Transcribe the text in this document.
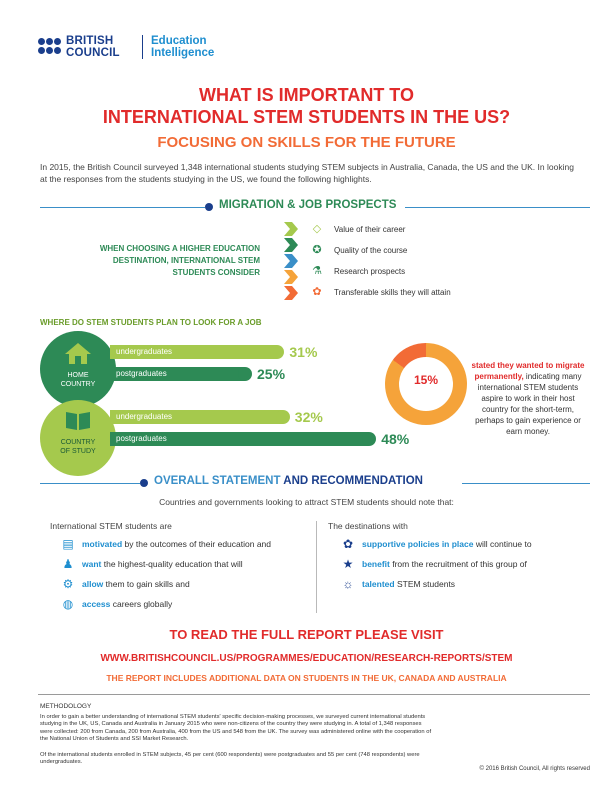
BRITISH
COUNCIL
Education
Intelligence
WHAT IS IMPORTANT TO
INTERNATIONAL STEM STUDENTS IN THE US?
FOCUSING ON SKILLS FOR THE FUTURE
In 2015, the British Council surveyed 1,348 international students studying STEM subjects in Australia, Canada, the US and the UK. In looking at the responses from the students studying in the US, we found the following highlights.
MIGRATION & JOB PROSPECTS
WHEN CHOOSING A HIGHER EDUCATION DESTINATION, INTERNATIONAL STEM STUDENTS CONSIDER
◇	Value of their career
✪ Quality of the course
⚗ Research prospects
✿ Transferable skills they will attain
WHERE DO STEM STUDENTS PLAN TO LOOK FOR A JOB
HOME
COUNTRY
undergraduates	31%
postgraduates	25%
COUNTRY
OF STUDY
undergraduates	32%
postgraduates	48%
15%
stated they wanted to migrate permanently, indicating many international STEM students aspire to work in their host country for the short-term, perhaps to gain experience or earn money.
OVERALL STATEMENT AND RECOMMENDATION
Countries and governments looking to attract STEM students should note that:
International STEM students are	The destinations with
▤ motivated by the outcomes of their education and
♟	want the highest-quality education that will
⚙	allow them to gain skills and
◍	access careers globally
✿	supportive policies in place will continue to
★	benefit from the recruitment of this group of
☼ talented STEM students
TO READ THE FULL REPORT PLEASE VISIT
WWW.BRITISHCOUNCIL.US/PROGRAMMES/EDUCATION/RESEARCH-REPORTS/STEM
THE REPORT INCLUDES ADDITIONAL DATA ON STUDENTS IN THE UK, CANADA AND AUSTRALIA
METHODOLOGY
In order to gain a better understanding of international STEM students' specific decision-making processes, we surveyed current international students studying in the UK, US, Canada and Australia in January 2015 who were non-citizens of the country they were studying in. A total of 1,348 responses were collected: 200 from Canada, 200 from Australia, 400 from the US and 548 from the UK. The survey was administered online with the cooperation of the National Union of Students and SSI Market Research.
Of the international students enrolled in STEM subjects, 45 per cent (600 respondents) were postgraduates and 55 per cent (748 respondents) were undergraduates.
© 2016 British Council, All rights reserved
